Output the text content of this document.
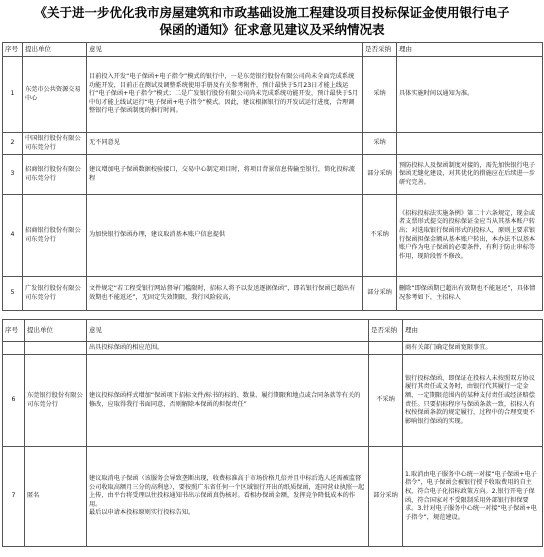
《关于进一步优化我市房屋建筑和市政基础设施工程建设项目投标保证金使用银行电子
保函的通知》征求意见建议及采纳情况表
序号	提出单位	意见	是否采纳	理由
1	东莞市公共资源交易中心	目前投入开发“电子保函+电子指令”模式的银行中，一是东莞银行股份有限公司尚未全面完成系统功能开发，目前正在测试及调整系统使用手册及有关参考附件，预计最快于5月23日才能上线运行“电子保函+电子指令”模式；二是广发银行股份有限公司尚未完成系统功能开发，预计最快于5月中旬才能上线试运行“电子保函+电子指令”模式。因此，建议根据银行的开发试运行进度，合理调整银行电子保函制度的推行时间。	采纳	具体实施时间以通知为准。
2	中国银行股份有限公司东莞分行	无不同意见	采纳	
3	招商银行股份有限公司东莞分行	建议增加电子保函数据校验接口，交易中心制定项目时，将项目背景信息传输至银行，简化投标流程	部分采纳	预防投标人及保函制度对接的，需先加快银行电子保函无缝化建设，对其优化的措施应在后续进一步研究完善。
4	招商银行股份有限公司东莞分行	为加快银行保函办理，建议取消基本账户信息提供	不采纳	《招标投标法实施条例》第二十六条规定，现金或者支票形式提交的投标保证金应当从其基本账户转出；对选取银行保函形式的投标人，原则上要求银行保函担保金额从基本账户转出，本办法不以基本账户作为电子保函的必要条件，有利于防止串标等作用，现阶段暂不修改。
5	广发银行股份有限公司东莞分行	文件规定“若工程受银行网站督导门槛限时，招标人将予以发送逐据保函”，即若银行保函已超出有效期也不能返还”，无固定失效期限，我行风险较高，	部分采纳	删除“即保函期已超出有效期也不能退还”，具体情况参考如下，主招标人
序号	提出单位	意见	是否采纳	理由
		出具投标保函的相应范围。		商有关部门确定保函宽限事宜。
6	东莞银行股份有限公司东莞分行	建议投标保函样式增加“保函项下招标文件/标书的标的、数量、履行期限和地点或合同条款等有关的修改，应取得我行书面同意，否则解除本保函的担保责任”	不采纳	银行投标保函，即保证在投标人未按照双方协议履行其责任或义务时，由银行代其履行一定金额、一定期限范围内的某种支付责任或经济赔偿责任。只要招标程序与保函条款一致，招标人有权按保函条款的规定履行，过程中的合理变更不影响银行保函的实现。
7	匿名	建议取消电子保函（该服务会导致垄断出现，收费标准高于市场价格几倍并且中标后选人还需被监督公司收取高额月三分的高利息），要按照广东省任何一个区域银行开出的纸质保函，连同营业执照一起上传，由平台将受理以往投标通知书出示保函真伪核对。看相办保函金额，发挥竞争降低成本的作用。
最后以申请本投标原则实行投标告知。	部分采纳	1.取消由电子服务中心统一对接“电子保函+电子指令”，电子保函会被银行授予收取费用的自主权，符合电子化招标政策方向。2.银行开电子保函，符合国家对不受限制采用外部银行担保要求。3.针对电子服务中心统一对接“电子保函+电子指令”，规范建设。
